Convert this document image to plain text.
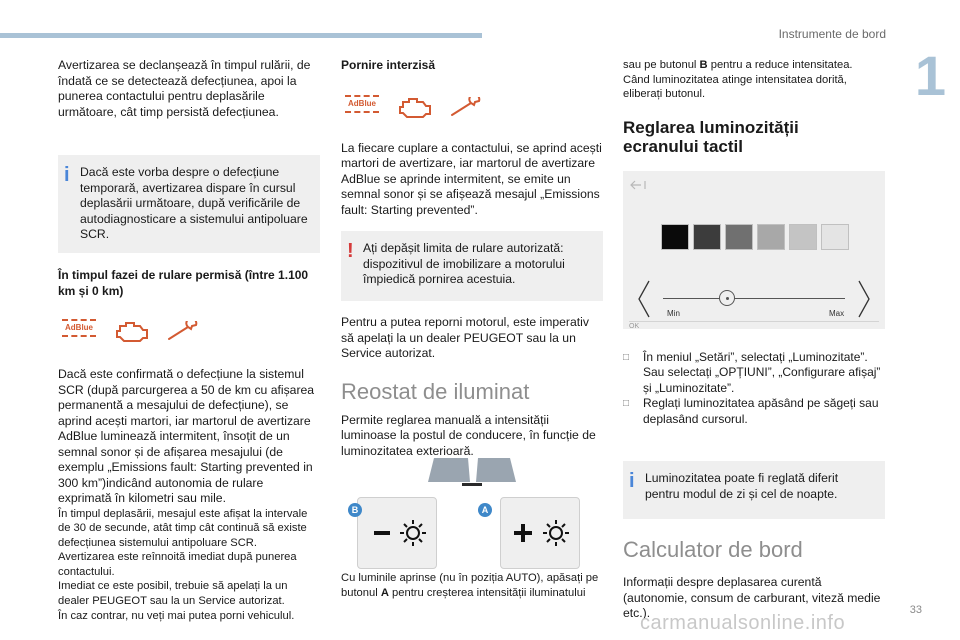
Instrumente de bord
1

Avertizarea se declanșează în timpul rulării, de îndată ce se detectează defecțiunea, apoi la punerea contactului pentru deplasările următoare, cât timp persistă defecțiunea.

i Dacă este vorba despre o defecțiune temporară, avertizarea dispare în cursul deplasării următoare, după verificările de autodiagnosticare a sistemului antipoluare SCR.

În timpul fazei de rulare permisă (între 1.100 km și 0 km)

AdBlue

Dacă este confirmată o defecțiune la sistemul SCR (după parcurgerea a 50 de km cu afișarea permanentă a mesajului de defecțiune), se aprind acești martori, iar martorul de avertizare AdBlue luminează intermitent, însoțit de un semnal sonor și de afișarea mesajului (de exemplu „Emissions fault: Starting prevented in 300 km”)indicând autonomia de rulare exprimată în kilometri sau mile.

În timpul deplasării, mesajul este afișat la intervale de 30 de secunde, atât timp cât continuă să existe defecțiunea sistemului antipoluare SCR.

Avertizarea este reînnoită imediat după punerea contactului.

Imediat ce este posibil, trebuie să apelați la un dealer PEUGEOT sau la un Service autorizat.

În caz contrar, nu veți mai putea porni vehiculul.

Pornire interzisă

AdBlue

La fiecare cuplare a contactului, se aprind acești martori de avertizare, iar martorul de avertizare AdBlue se aprinde intermitent, se emite un semnal sonor și se afișează mesajul „Emissions fault: Starting prevented”.

! Ați depășit limita de rulare autorizată: dispozitivul de imobilizare a motorului împiedică pornirea acestuia.

Pentru a putea reporni motorul, este imperativ să apelați la un dealer PEUGEOT sau la un Service autorizat.

Reostat de iluminat

Permite reglarea manuală a intensității luminoase la postul de conducere, în funcție de luminozitatea exterioară.

B	A

Cu luminile aprinse (nu în poziția AUTO), apăsați pe butonul A pentru creșterea intensității iluminatului

sau pe butonul B pentru a reduce intensitatea.

Când luminozitatea atinge intensitatea dorită, eliberați butonul.

Reglarea luminozității
ecranului tactil
Min	Max
OK
□ În meniul „Setări”, selectați „Luminozitate”. Sau selectați „OPȚIUNI”, „Configurare afișaj” și „Luminozitate”.
□ Reglați luminozitatea apăsând pe săgeți sau deplasând cursorul.
i Luminozitatea poate fi reglată diferit pentru modul de zi și cel de noapte.

Calculator de bord

Informații despre deplasarea curentă (autonomie, consum de carburant, viteză medie etc.).	33
carmanualsonline.info
